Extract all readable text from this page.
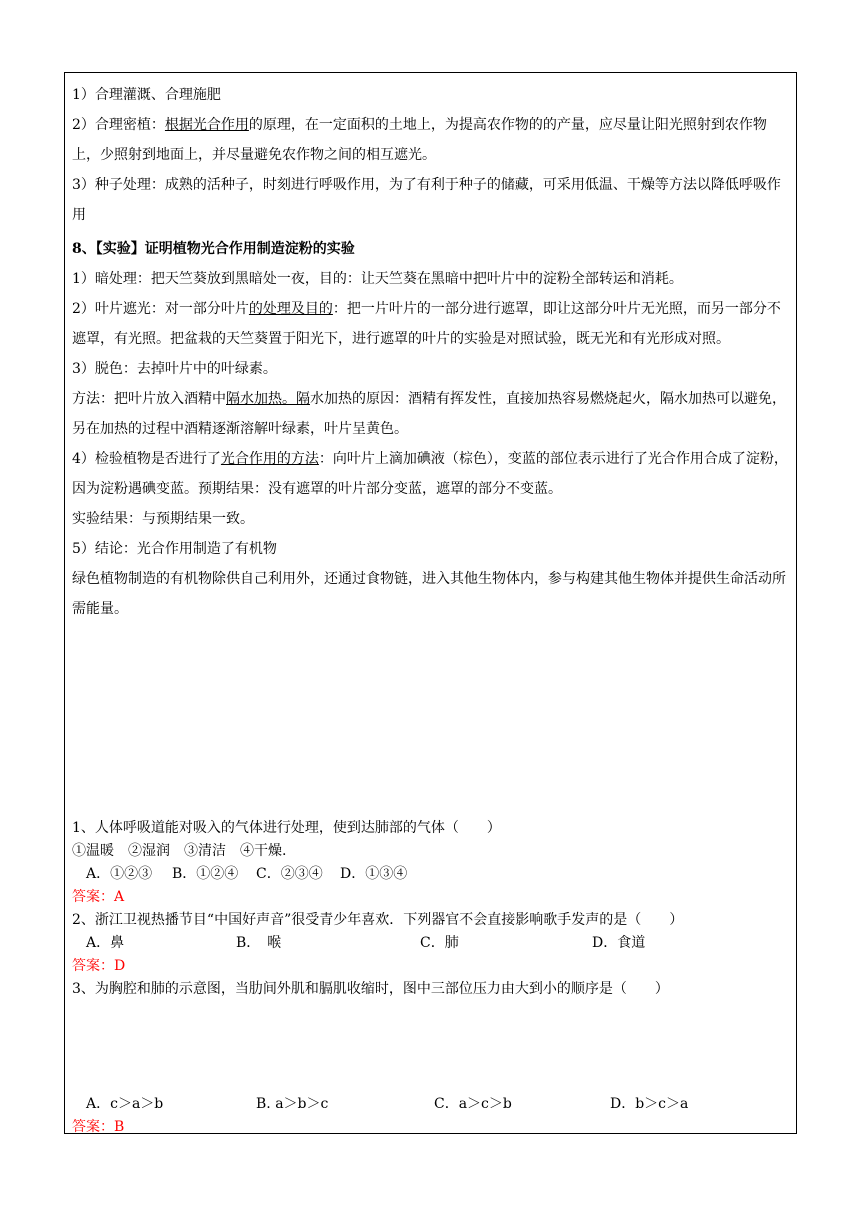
1）合理灌溉、合理施肥

2）合理密植：根据光合作用的原理，在一定面积的土地上，为提高农作物的的产量，应尽量让阳光照射到农作物上，少照射到地面上，并尽量避免农作物之间的相互遮光。

3）种子处理：成熟的活种子，时刻进行呼吸作用，为了有利于种子的储藏，可采用低温、干燥等方法以降低呼吸作用

8、【实验】证明植物光合作用制造淀粉的实验

1）暗处理：把天竺葵放到黑暗处一夜，目的：让天竺葵在黑暗中把叶片中的淀粉全部转运和消耗。

2）叶片遮光：对一部分叶片的处理及目的：把一片叶片的一部分进行遮罩，即让这部分叶片无光照，而另一部分不遮罩，有光照。把盆栽的天竺葵置于阳光下，进行遮罩的叶片的实验是对照试验，既无光和有光形成对照。

3）脱色：去掉叶片中的叶绿素。

方法：把叶片放入酒精中隔水加热。隔水加热的原因：酒精有挥发性，直接加热容易燃烧起火，隔水加热可以避免，另在加热的过程中酒精逐渐溶解叶绿素，叶片呈黄色。

4）检验植物是否进行了光合作用的方法：向叶片上滴加碘液（棕色），变蓝的部位表示进行了光合作用合成了淀粉，因为淀粉遇碘变蓝。预期结果：没有遮罩的叶片部分变蓝，遮罩的部分不变蓝。

实验结果：与预期结果一致。

5）结论：光合作用制造了有机物

绿色植物制造的有机物除供自己利用外，还通过食物链，进入其他生物体内，参与构建其他生物体并提供生命活动所需能量。

1、人体呼吸道能对吸入的气体进行处理，使到达肺部的气体（　　）

①温暖　②湿润　③清洁　④干燥.

　A．①②③	B．①②④	C．②③④	D．①③④

答案：A

2、浙江卫视热播节目“中国好声音”很受青少年喜欢．下列器官不会直接影响歌手发声的是（　　）

　A．鼻	B．　喉	C．肺	D．食道

答案：D

3、为胸腔和肺的示意图，当肋间外肌和膈肌收缩时，图中三部位压力由大到小的顺序是（　　）

　A．c＞a＞b	B. a＞b＞c	C．a＞c＞b	D．b＞c＞a

答案：B
